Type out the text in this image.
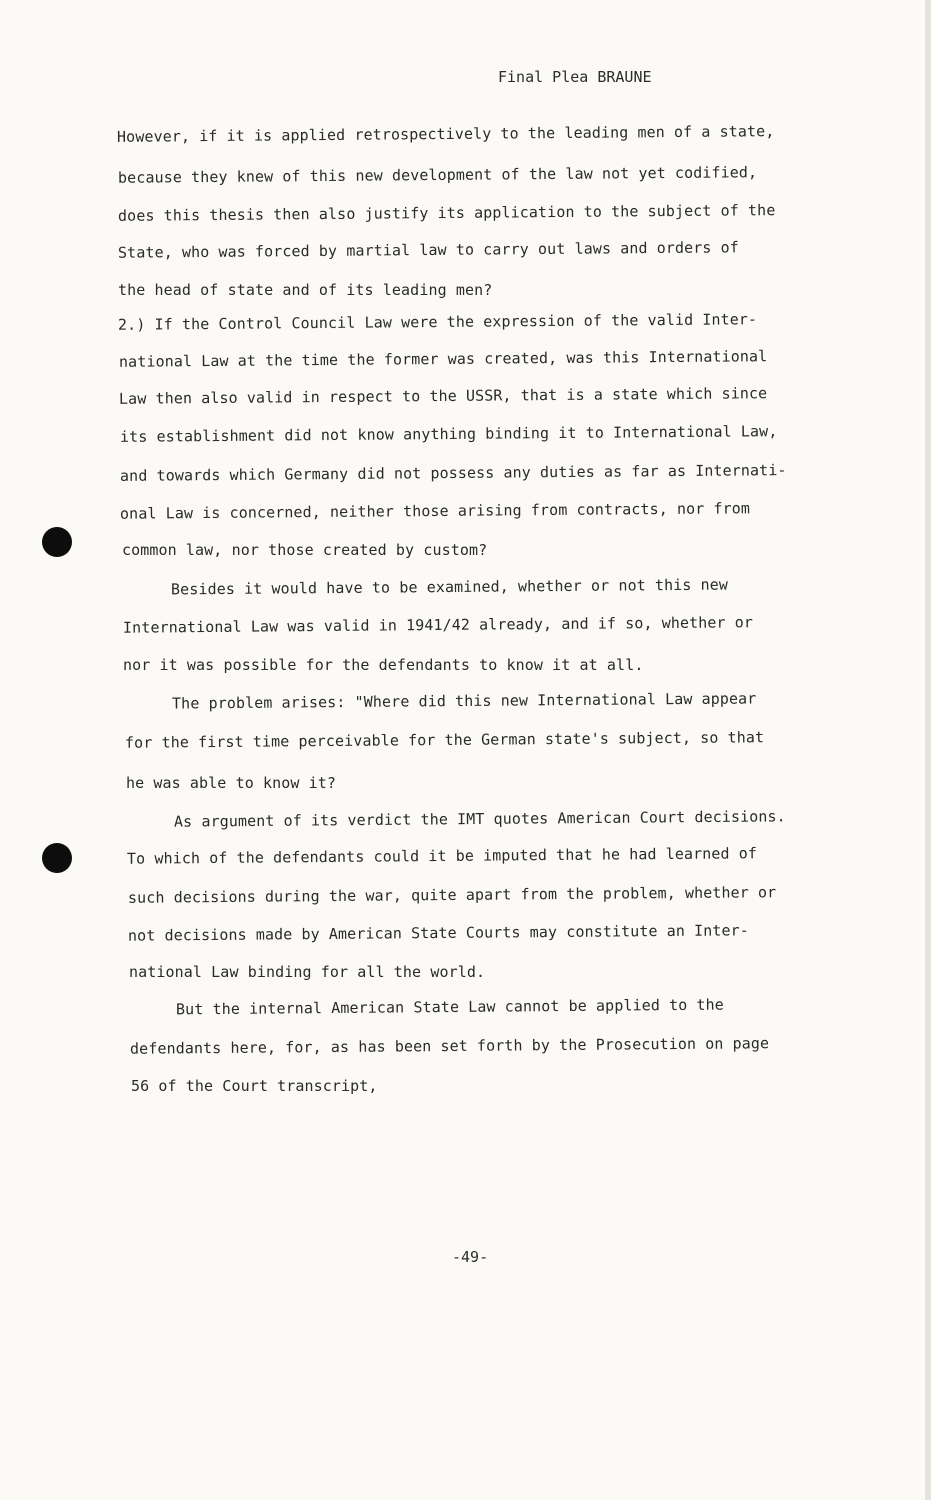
Final Plea BRAUNE
However, if it is applied retrospectively to the leading men of a state,
because they knew of this new development of the law not yet codified,
does this thesis then also justify its application to the subject of the
State, who was forced by martial law to carry out laws and orders of
the head of state and of its leading men?
2.) If the Control Council Law were the expression of the valid Inter-
national Law at the time the former was created, was this International
Law then also valid in respect to the USSR, that is a state which since
its establishment did not know anything binding it to International Law,
and towards which Germany did not possess any duties as far as Internati-
onal Law is concerned, neither those arising from contracts, nor from
common law, nor those created by custom?
Besides it would have to be examined, whether or not this new
International Law was valid in 1941/42 already, and if so, whether or
nor it was possible for the defendants to know it at all.
The problem arises: "Where did this new International Law appear
for the first time perceivable for the German state's subject, so that
he was able to know it?
As argument of its verdict the IMT quotes American Court decisions.
To which of the defendants could it be imputed that he had learned of
such decisions during the war, quite apart from the problem, whether or
not decisions made by American State Courts may constitute an Inter-
national Law binding for all the world.
But the internal American State Law cannot be applied to the
defendants here, for, as has been set forth by the Prosecution on page
56 of the Court transcript,
-49-
